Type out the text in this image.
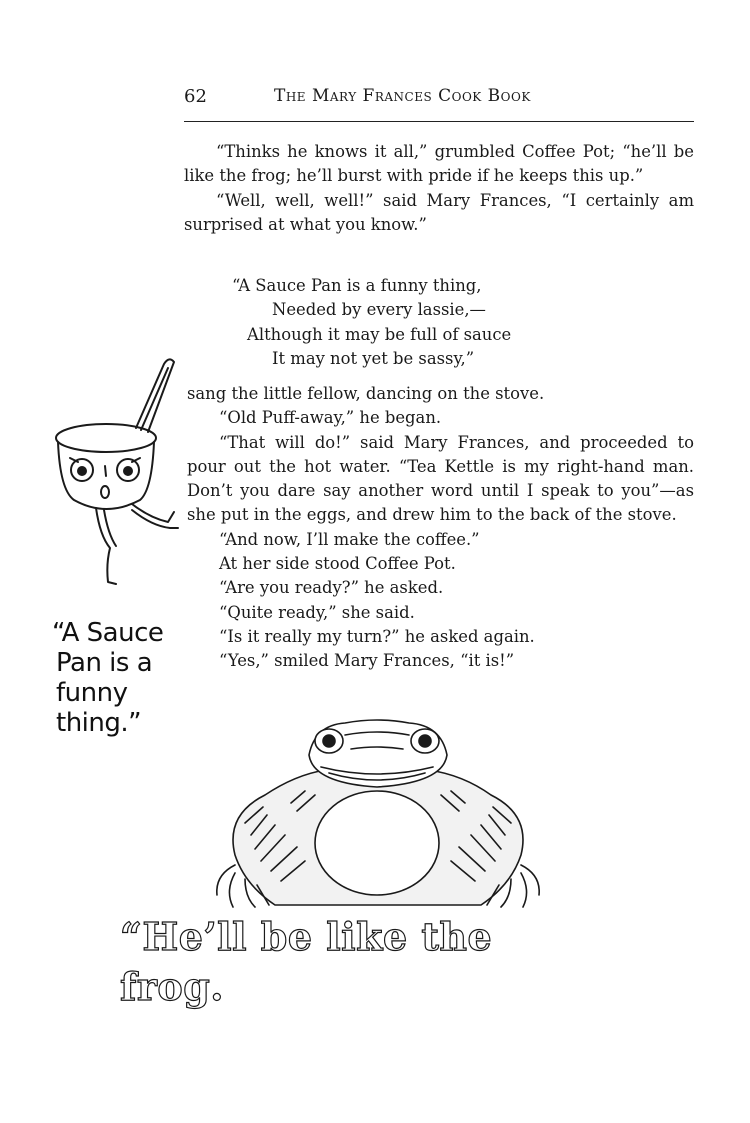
62	The Mary Frances Cook Book

“Thinks he knows it all,” grumbled Coffee Pot; “he’ll be like the frog; he’ll burst with pride if he keeps this up.”

“Well, well, well!” said Mary Frances, “I certainly am surprised at what you know.”

“A Sauce Pan is a funny thing,

Needed by every lassie,—

Although it may be full of sauce

It may not yet be sassy,”

sang the little fellow, dancing on the stove.

“Old Puff-away,” he began.

“That will do!” said Mary Frances, and proceeded to pour out the hot water. “Tea Kettle is my right-hand man. Don’t you dare say another word until I speak to you”—as she put in the eggs, and drew him to the back of the stove.

“And now, I’ll make the coffee.”

At her side stood Coffee Pot.

“Are you ready?” he asked.

“Quite ready,” she said.

“Is it really my turn?” he asked again.

“Yes,” smiled Mary Frances, “it is!”

“A Sauce
Pan is a
funny
thing.”
“He’ll be like the frog.
